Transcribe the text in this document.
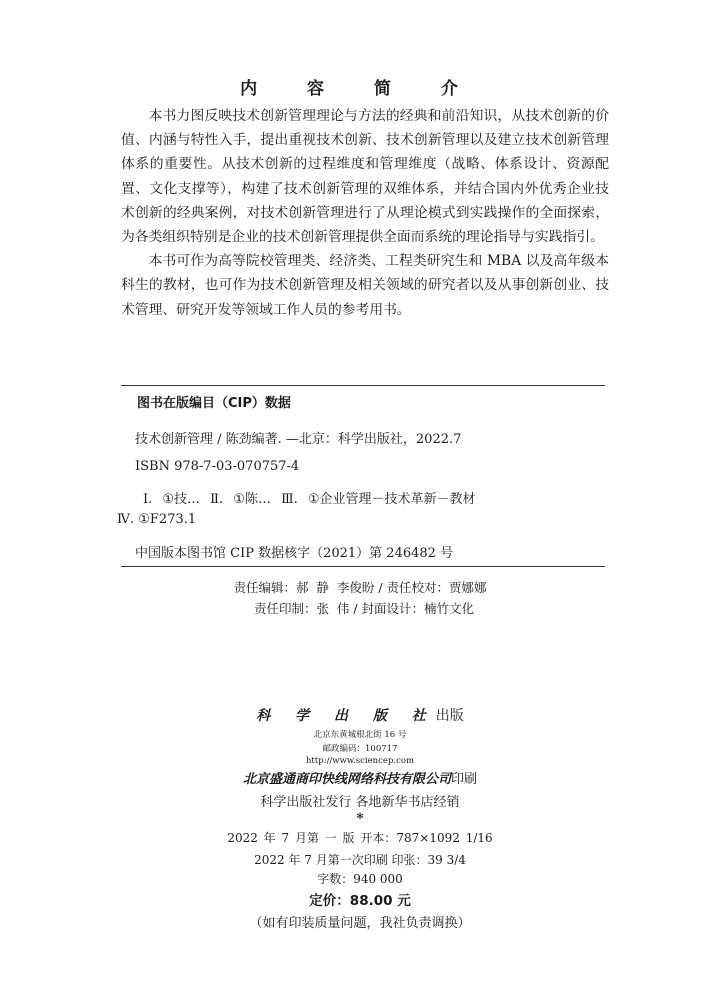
内 容 简 介

本书力图反映技术创新管理理论与方法的经典和前沿知识，从技术创新的价值、内涵与特性入手，提出重视技术创新、技术创新管理以及建立技术创新管理体系的重要性。从技术创新的过程维度和管理维度（战略、体系设计、资源配置、文化支撑等），构建了技术创新管理的双维体系，并结合国内外优秀企业技术创新的经典案例，对技术创新管理进行了从理论模式到实践操作的全面探索，为各类组织特别是企业的技术创新管理提供全面而系统的理论指导与实践指引。

本书可作为高等院校管理类、经济类、工程类研究生和 MBA 以及高年级本科生的教材，也可作为技术创新管理及相关领域的研究者以及从事创新创业、技术管理、研究开发等领域工作人员的参考用书。

图书在版编目（CIP）数据
技术创新管理 / 陈劲编著. —北京：科学出版社，2022.7
ISBN 978-7-03-070757-4
Ⅰ. ①技… Ⅱ. ①陈… Ⅲ. ①企业管理－技术革新－教材
Ⅳ. ①F273.1
中国版本图书馆 CIP 数据核字（2021）第 246482 号
责任编辑：郝  静  李俊盼 / 责任校对：贾娜娜
责任印制：张  伟 / 封面设计：楠竹文化
科 学 出 版 社出版
北京东黄城根北街 16 号
邮政编码：100717
http://www.sciencep.com
北京盛通商印快线网络科技有限公司印刷
科学出版社发行 各地新华书店经销
*
2022 年 7 月第 一 版 开本：787×1092 1/16
2022 年 7 月第一次印刷 印张：39 3/4
字数：940 000
定价：88.00 元
（如有印装质量问题，我社负责调换）
